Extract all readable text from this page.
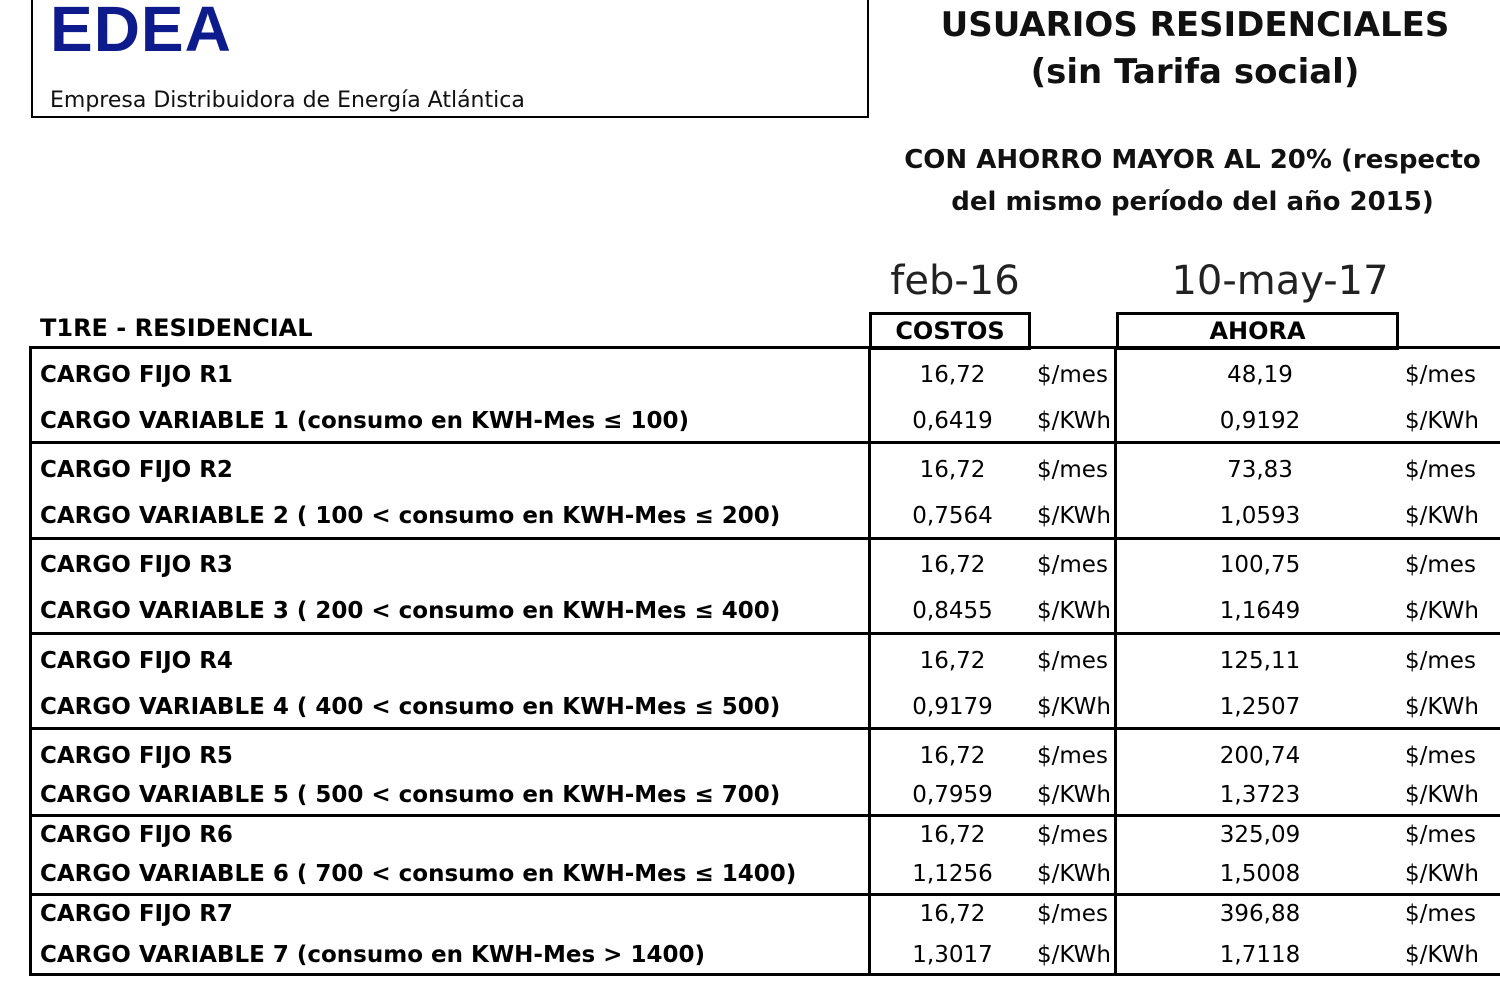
EDEA
Empresa Distribuidora de Energía Atlántica
USUARIOS RESIDENCIALES
(sin Tarifa social)
CON AHORRO MAYOR AL 20% (respecto
del mismo período del año 2015)
feb-16	10-may-17
COSTOS	AHORA
T1RE - RESIDENCIAL
CARGO FIJO R1	16,72	$/mes	48,19	$/mes
CARGO VARIABLE 1 (consumo en KWH-Mes ≤ 100)	0,6419	$/KWh	0,9192	$/KWh
CARGO FIJO R2	16,72	$/mes	73,83	$/mes
CARGO VARIABLE 2 ( 100 < consumo en KWH-Mes ≤ 200)	0,7564	$/KWh	1,0593	$/KWh
CARGO FIJO R3	16,72	$/mes	100,75	$/mes
CARGO VARIABLE 3 ( 200 < consumo en KWH-Mes ≤ 400)	0,8455	$/KWh	1,1649	$/KWh
CARGO FIJO R4	16,72	$/mes	125,11	$/mes
CARGO VARIABLE 4 ( 400 < consumo en KWH-Mes ≤ 500)	0,9179	$/KWh	1,2507	$/KWh
CARGO FIJO R5	16,72	$/mes	200,74	$/mes
CARGO VARIABLE 5 ( 500 < consumo en KWH-Mes ≤ 700)	0,7959	$/KWh	1,3723	$/KWh
CARGO FIJO R6	16,72	$/mes	325,09	$/mes
CARGO VARIABLE 6 ( 700 < consumo en KWH-Mes ≤ 1400)	1,1256	$/KWh	1,5008	$/KWh
CARGO FIJO R7	16,72	$/mes	396,88	$/mes
CARGO VARIABLE 7 (consumo en KWH-Mes > 1400)	1,3017	$/KWh	1,7118	$/KWh
